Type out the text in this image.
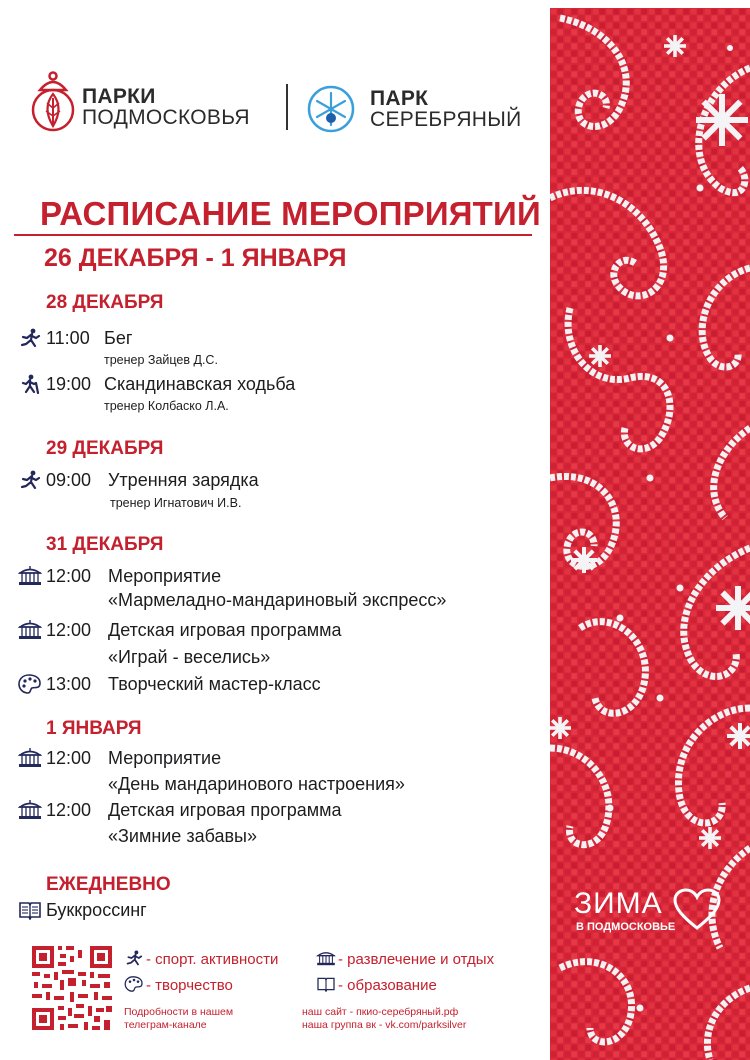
ПАРКИ
ПОДМОСКОВЬЯ
ПАРК
СЕРЕБРЯНЫЙ
РАСПИСАНИЕ МЕРОПРИЯТИЙ
26 ДЕКАБРЯ - 1 ЯНВАРЯ
28 ДЕКАБРЯ
11:00 Бег
тренер Зайцев Д.С.
19:00 Скандинавская ходьба
тренер Колбаско Л.А.
29 ДЕКАБРЯ
09:00 Утренняя зарядка
тренер Игнатович И.В.
31 ДЕКАБРЯ
12:00 Мероприятие
«Мармеладно-мандариновый экспресс»
12:00 Детская игровая программа
«Играй - веселись»
13:00 Творческий мастер-класс
1 ЯНВАРЯ
12:00 Мероприятие
«День мандаринового настроения»
12:00 Детская игровая программа
«Зимние забавы»
ЕЖЕДНЕВНО
Буккроссинг
- спорт. активности	- развлечение и отдых
- творчество	- образование
Подробности в нашем
телеграм-канале
наш сайт - пкио-серебряный.рф
наша группа вк - vk.com/parksilver
ЗИМА
В ПОДМОСКОВЬЕ
